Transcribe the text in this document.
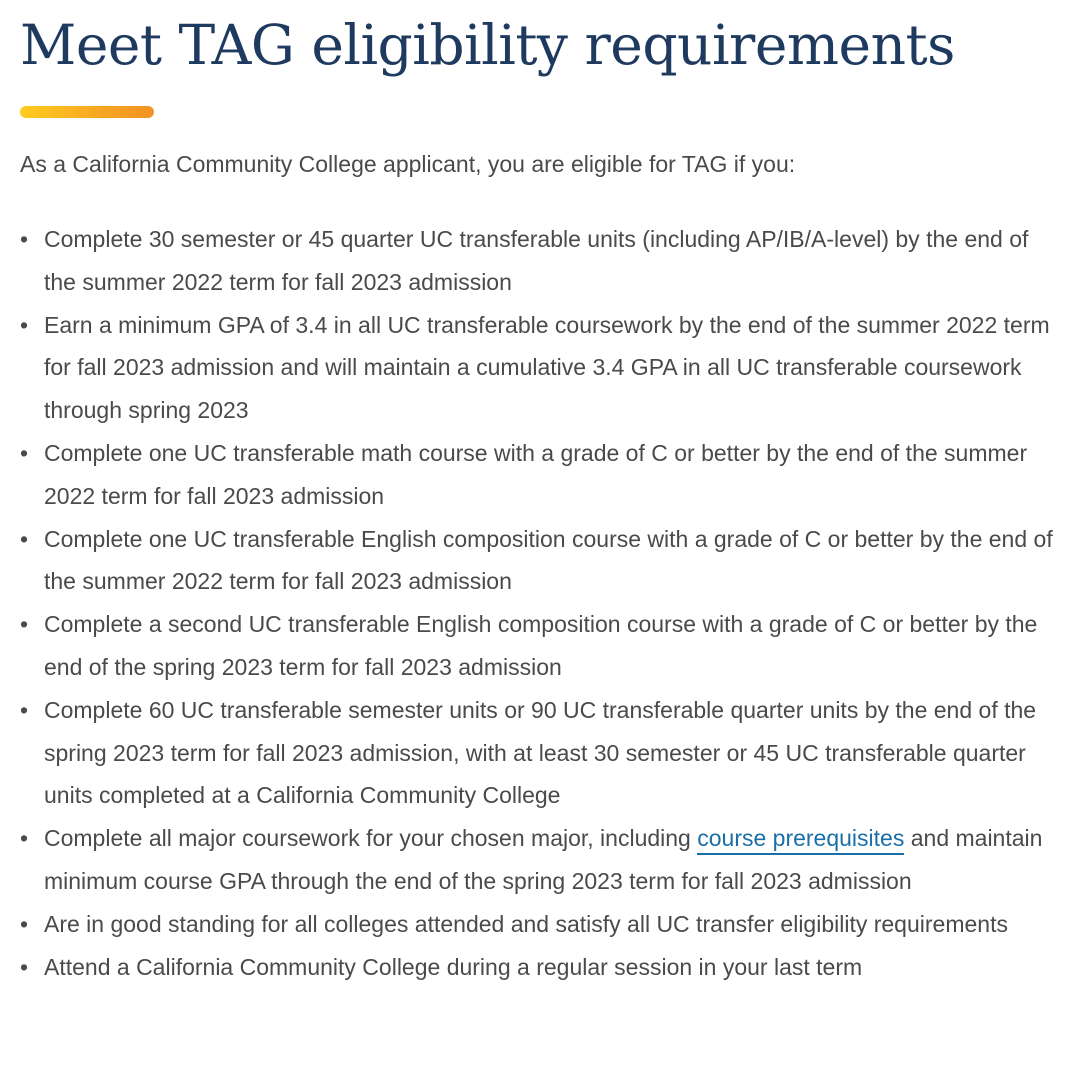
Meet TAG eligibility requirements

As a California Community College applicant, you are eligible for TAG if you:

• Complete 30 semester or 45 quarter UC transferable units (including AP/IB/A-level) by the end of the summer 2022 term for fall 2023 admission
• Earn a minimum GPA of 3.4 in all UC transferable coursework by the end of the summer 2022 term for fall 2023 admission and will maintain a cumulative 3.4 GPA in all UC transferable coursework through spring 2023
• Complete one UC transferable math course with a grade of C or better by the end of the summer 2022 term for fall 2023 admission
• Complete one UC transferable English composition course with a grade of C or better by the end of the summer 2022 term for fall 2023 admission
• Complete a second UC transferable English composition course with a grade of C or better by the end of the spring 2023 term for fall 2023 admission
• Complete 60 UC transferable semester units or 90 UC transferable quarter units by the end of the spring 2023 term for fall 2023 admission, with at least 30 semester or 45 UC transferable quarter units completed at a California Community College
• Complete all major coursework for your chosen major, including course prerequisites and maintain minimum course GPA through the end of the spring 2023 term for fall 2023 admission
• Are in good standing for all colleges attended and satisfy all UC transfer eligibility requirements
• Attend a California Community College during a regular session in your last term
